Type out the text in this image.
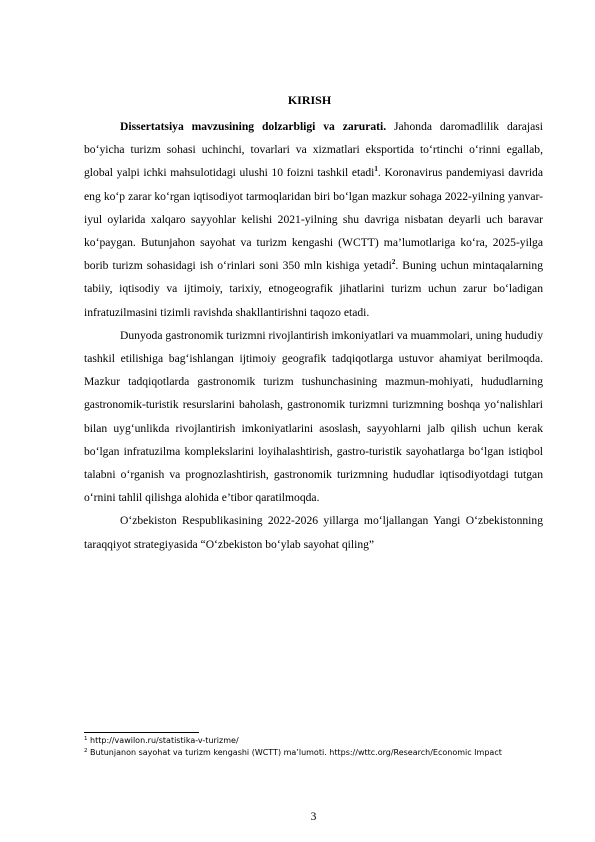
KIRISH

Dissertatsiya mavzusining dolzarbligi va zarurati. Jahonda daromadlilik darajasi bo‘yicha turizm sohasi uchinchi, tovarlari va xizmatlari eksportida to‘rtinchi o‘rinni egallab, global yalpi ichki mahsulotidagi ulushi 10 foizni tashkil etadi$^1$. Koronavirus pandemiyasi davrida eng ko‘p zarar ko‘rgan iqtisodiyot tarmoqlaridan biri bo‘lgan mazkur sohaga 2022-yilning yanvar-iyul oylarida xalqaro sayyohlar kelishi 2021-yilning shu davriga nisbatan deyarli uch baravar ko‘paygan. Butunjahon sayohat va turizm kengashi (WCTT) ma’lumotlariga ko‘ra, 2025-yilga borib turizm sohasidagi ish o‘rinlari soni 350 mln kishiga yetadi$^2$. Buning uchun mintaqalarning tabiiy, iqtisodiy va ijtimoiy, tarixiy, etnogeografik jihatlarini turizm uchun zarur bo‘ladigan infratuzilmasini tizimli ravishda shakllantirishni taqozo etadi.

Dunyoda gastronomik turizmni rivojlantirish imkoniyatlari va muammolari, uning hududiy tashkil etilishiga bag‘ishlangan ijtimoiy geografik tadqiqotlarga ustuvor ahamiyat berilmoqda. Mazkur tadqiqotlarda gastronomik turizm tushunchasining mazmun-mohiyati, hududlarning gastronomik-turistik resurslarini baholash, gastronomik turizmni turizmning boshqa yo‘nalishlari bilan uyg‘unlikda rivojlantirish imkoniyatlarini asoslash, sayyohlarni jalb qilish uchun kerak bo‘lgan infratuzilma komplekslarini loyihalashtirish, gastro-turistik sayohatlarga bo‘lgan istiqbol talabni o‘rganish va prognozlashtirish, gastronomik turizmning hududlar iqtisodiyotdagi tutgan o‘rnini tahlil qilishga alohida e’tibor qaratilmoqda.

O‘zbekiston Respublikasining 2022-2026 yillarga mo‘ljallangan Yangi O‘zbekistonning taraqqiyot strategiyasida “O‘zbekiston bo‘ylab sayohat qiling”

$^1$ http://vawilon.ru/statistika-v-turizme/

$^2$ Butunjanon sayohat va turizm kengashi (WCTT) ma’lumoti. https://wttc.org/Research/Economic Impact

3
